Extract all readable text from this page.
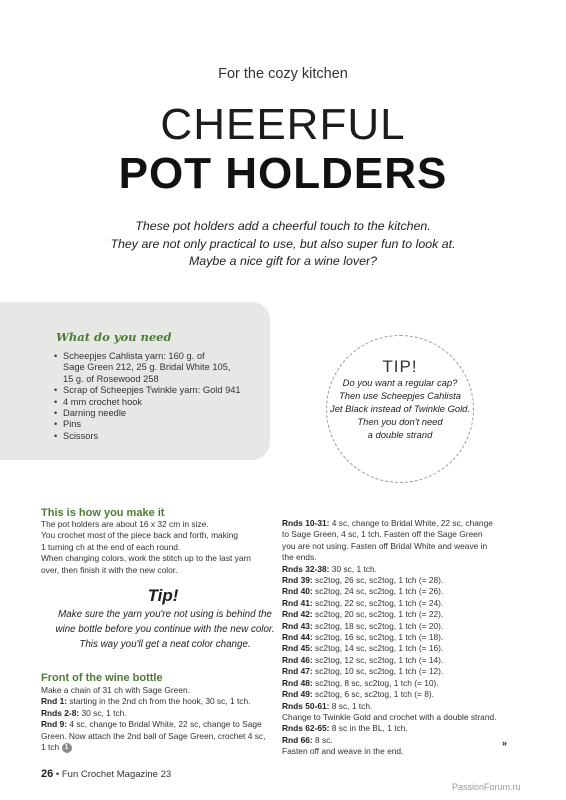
For the cozy kitchen
CHEERFUL
POT HOLDERS
These pot holders add a cheerful touch to the kitchen.
They are not only practical to use, but also super fun to look at.
Maybe a nice gift for a wine lover?
What do you need
• Scheepjes Cahlista yarn: 160 g. of
Sage Green 212, 25 g. Bridal White 105,
15 g. of Rosewood 258
• Scrap of Scheepjes Twinkle yarn: Gold 941
• 4 mm crochet hook
• Darning needle
• Pins
• Scissors
TIP!
Do you want a regular cap?
Then use Scheepjes Cahlista
Jet Black instead of Twinkle Gold.
Then you don't need
a double strand
This is how you make it
The pot holders are about 16 x 32 cm in size.
You crochet most of the piece back and forth, making
1 turning ch at the end of each round.
When changing colors, work the stitch up to the last yarn
over, then finish it with the new color.
Tip!
Make sure the yarn you're not using is behind the
wine bottle before you continue with the new color.
This way you'll get a neat color change.
Front of the wine bottle
Make a chain of 31 ch with Sage Green.
Rnd 1: starting in the 2nd ch from the hook, 30 sc, 1 tch.
Rnds 2-8: 30 sc, 1 tch.
Rnd 9: 4 sc, change to Bridal White, 22 sc, change to Sage
Green. Now attach the 2nd ball of Sage Green, crochet 4 sc,
1 tch 1
Rnds 10-31: 4 sc, change to Bridal White, 22 sc, change
to Sage Green, 4 sc, 1 tch. Fasten off the Sage Green
you are not using. Fasten off Bridal White and weave in
the ends.
Rnds 32-38: 30 sc, 1 tch.
Rnd 39: sc2tog, 26 sc, sc2tog, 1 tch (= 28).
Rnd 40: sc2tog, 24 sc, sc2tog, 1 tch (= 26).
Rnd 41: sc2tog, 22 sc, sc2tog, 1 tch (= 24).
Rnd 42: sc2tog, 20 sc, sc2tog, 1 tch (= 22).
Rnd 43: sc2tog, 18 sc, sc2tog, 1 tch (= 20).
Rnd 44: sc2tog, 16 sc, sc2tog, 1 tch (= 18).
Rnd 45: sc2tog, 14 sc, sc2tog, 1 tch (= 16).
Rnd 46: sc2tog, 12 sc, sc2tog, 1 tch (= 14).
Rnd 47: sc2tog, 10 sc, sc2tog, 1 tch (= 12).
Rnd 48: sc2tog, 8 sc, sc2tog, 1 tch (= 10).
Rnd 49: sc2tog, 6 sc, sc2tog, 1 tch (= 8).
Rnds 50-61: 8 sc, 1 tch.
Change to Twinkle Gold and crochet with a double strand.
Rnds 62-65: 8 sc in the BL, 1 tch.
Rnd 66: 8 sc.
Fasten off and weave in the end.
»
26 • Fun Crochet Magazine 23
PassionForum.ru
